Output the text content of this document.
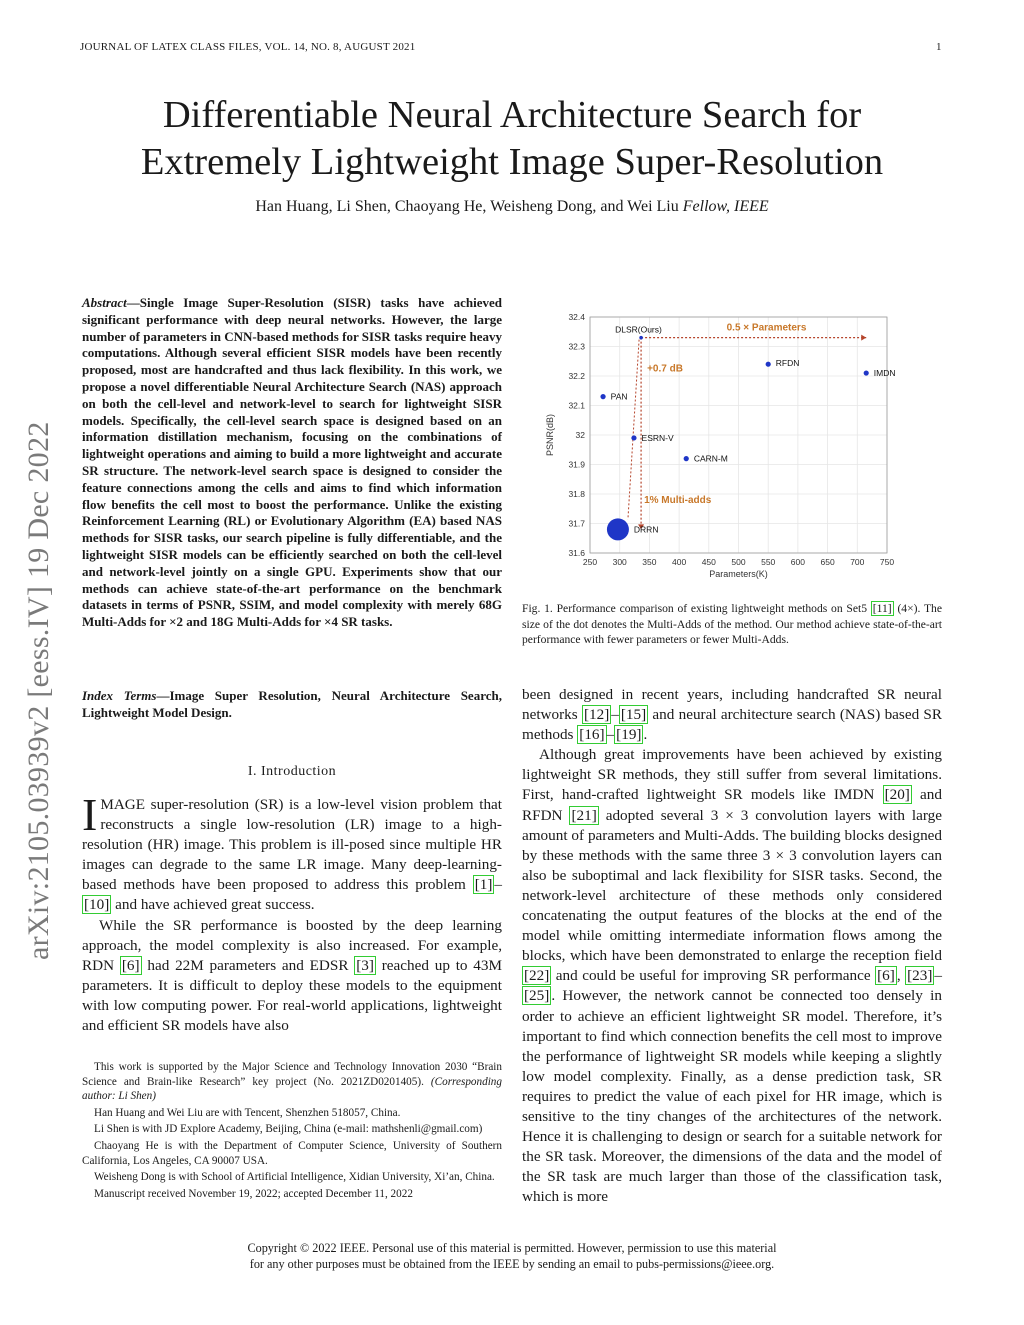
JOURNAL OF LATEX CLASS FILES, VOL. 14, NO. 8, AUGUST 2021	1
Differentiable Neural Architecture Search for
Extremely Lightweight Image Super-Resolution
Han Huang, Li Shen, Chaoyang He, Weisheng Dong, and Wei Liu Fellow, IEEE
arXiv:2105.03939v2 [eess.IV] 19 Dec 2022
Abstract—Single Image Super-Resolution (SISR) tasks have achieved significant performance with deep neural networks. However, the large number of parameters in CNN-based methods for SISR tasks require heavy computations. Although several efficient SISR models have been recently proposed, most are handcrafted and thus lack flexibility. In this work, we propose a novel differentiable Neural Architecture Search (NAS) approach on both the cell-level and network-level to search for lightweight SISR models. Specifically, the cell-level search space is designed based on an information distillation mechanism, focusing on the combinations of lightweight operations and aiming to build a more lightweight and accurate SR structure. The network-level search space is designed to consider the feature connections among the cells and aims to find which information flow benefits the cell most to boost the performance. Unlike the existing Reinforcement Learning (RL) or Evolutionary Algorithm (EA) based NAS methods for SISR tasks, our search pipeline is fully differentiable, and the lightweight SISR models can be efficiently searched on both the cell-level and network-level jointly on a single GPU. Experiments show that our methods can achieve state-of-the-art performance on the benchmark datasets in terms of PSNR, SSIM, and model complexity with merely 68G Multi-Adds for ×2 and 18G Multi-Adds for ×4 SR tasks.
Index Terms—Image Super Resolution, Neural Architecture Search, Lightweight Model Design.
I. Introduction

IMAGE super-resolution (SR) is a low-level vision problem that reconstructs a single low-resolution (LR) image to a high-resolution (HR) image. This problem is ill-posed since multiple HR images can degrade to the same LR image. Many deep-learning-based methods have been proposed to address this problem [1] –[10] and have achieved great success.

While the SR performance is boosted by the deep learning approach, the model complexity is also increased. For example, RDN [6] had 22M parameters and EDSR [3] reached up to 43M parameters. It is difficult to deploy these models to the equipment with low computing power. For real-world applications, lightweight and efficient SR models have also

This work is supported by the Major Science and Technology Innovation 2030 “Brain Science and Brain-like Research” key project (No. 2021ZD0201405). (Corresponding author: Li Shen)

Han Huang and Wei Liu are with Tencent, Shenzhen 518057, China.

Li Shen is with JD Explore Academy, Beijing, China (e-mail: mathshenli@gmail.com)

Chaoyang He is with the Department of Computer Science, University of Southern California, Los Angeles, CA 90007 USA.

Weisheng Dong is with School of Artificial Intelligence, Xidian University, Xi’an, China.

Manuscript received November 19, 2022; accepted December 11, 2022

250 300 350 400 450 500 550 600 650 700 750
31.6
31.7
31.8
31.9
32
32.1
32.2
32.3
32.4
0.5 × Parameters
+0.7 dB
1% Multi-adds
DLSR(Ours)
RFDN
IMDN
PAN
ESRN-V
CARN-M
DRRN
Parameters(K)
PSNR(dB)
Fig. 1. Performance comparison of existing lightweight methods on Set5 [11] (4×). The size of the dot denotes the Multi-Adds of the method. Our method achieve state-of-the-art performance with fewer parameters or fewer Multi-Adds.

been designed in recent years, including handcrafted SR neural networks [12] – [15] and neural architecture search (NAS) based SR methods [16] – [19] .

Although great improvements have been achieved by existing lightweight SR methods, they still suffer from several limitations. First, hand-crafted lightweight SR models like IMDN [20] and RFDN [21] adopted several 3 × 3 convolution layers with large amount of parameters and Multi-Adds. The building blocks designed by these methods with the same three 3 × 3 convolution layers can also be suboptimal and lack flexibility for SISR tasks. Second, the network-level architecture of these methods only considered concatenating the output features of the blocks at the end of the model while omitting intermediate information flows among the blocks, which have been demonstrated to enlarge the reception field [22] and could be useful for improving SR performance [6] , [23] –[25] . However, the network cannot be connected too densely in order to achieve an efficient lightweight SR model. Therefore, it’s important to find which connection benefits the cell most to improve the performance of lightweight SR models while keeping a slightly low model complexity. Finally, as a dense prediction task, SR requires to predict the value of each pixel for HR image, which is sensitive to the tiny changes of the architectures of the network. Hence it is challenging to design or search for a suitable network for the SR task. Moreover, the dimensions of the data and the model of the SR task are much larger than those of the classification task, which is more

Copyright © 2022 IEEE. Personal use of this material is permitted. However, permission to use this material
for any other purposes must be obtained from the IEEE by sending an email to pubs-permissions@ieee.org.
